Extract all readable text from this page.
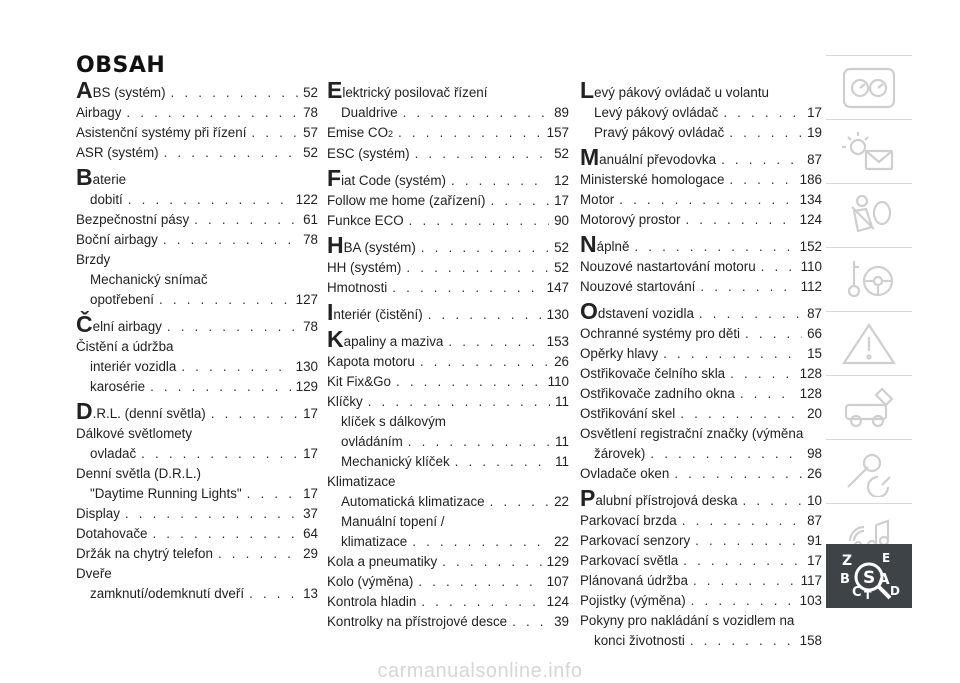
OBSAH
ABS (systém) . . .	52
Airbagy . . .	78
Asistenční systémy při řízení . . .	57
ASR (systém) . . .	52
Baterie
dobití . . .	122
Bezpečnostní pásy . . .	61
Boční airbagy . . .	78
Brzdy
Mechanický snímač
opotřebení . . .	127
Čelní airbagy . . .	78
Čistění a údržba
interiér vozidla . . .	130
karosérie . . .	129
D.R.L. (denní světla) . . .	17
Dálkové světlomety
ovladač . . .	17
Denní světla (D.R.L.)
"Daytime Running Lights" . . .	17
Display . . .	37
Dotahovače . . .	64
Držák na chytrý telefon . . .	29
Dveře
zamknutí/odemknutí dveří . . .	13
Elektrický posilovač řízení
Dualdrive . . .	89
Emise CO 2 . . .	157
ESC (systém) . . .	52
Fiat Code (systém) . . .	12
Follow me home (zařízení) . . .	17
Funkce ECO . . .	90
HBA (systém) . . .	52
HH (systém) . . .	52
Hmotnosti . . .	147
Interiér (čistění) . . .	130
Kapaliny a maziva . . .	153
Kapota motoru . . .	26
Kit Fix&Go . . .	110
Klíčky . . .	11
klíček s dálkovým
ovládáním . . .	11
Mechanický klíček . . .	11
Klimatizace
Automatická klimatizace . . .	22
Manuální topení /
klimatizace . . .	22
Kola a pneumatiky . . .	129
Kolo (výměna) . . .	107
Kontrola hladin . . .	124
Kontrolky na přístrojové desce . . .	39
Levý pákový ovládač u volantu
Levý pákový ovládač . . .	17
Pravý pákový ovládač . . .	19
Manuální převodovka . . .	87
Ministerské homologace . . .	186
Motor . . .	134
Motorový prostor . . .	124
Náplně . . .	152
Nouzové nastartování motoru . . .	110
Nouzové startování . . .	112
Odstavení vozidla . . .	87
Ochranné systémy pro děti . . .	66
Opěrky hlavy . . .	15
Ostřikovače čelního skla . . .	128
Ostřikovače zadního okna . . .	128
Ostřikování skel . . .	20
Osvětlení registrační značky (výměna
žárovek) . . .	98
Ovladače oken . . .	26
Palubní přístrojová deska . . .	10
Parkovací brzda . . .	87
Parkovací senzory . . .	91
Parkovací světla . . .	17
Plánovaná údržba . . .	117
Pojistky (výměna) . . .	103
Pokyny pro nakládání s vozidlem na
konci životnosti . . .	158
Z E
B A
C T D
S
carmanualsonline.info
